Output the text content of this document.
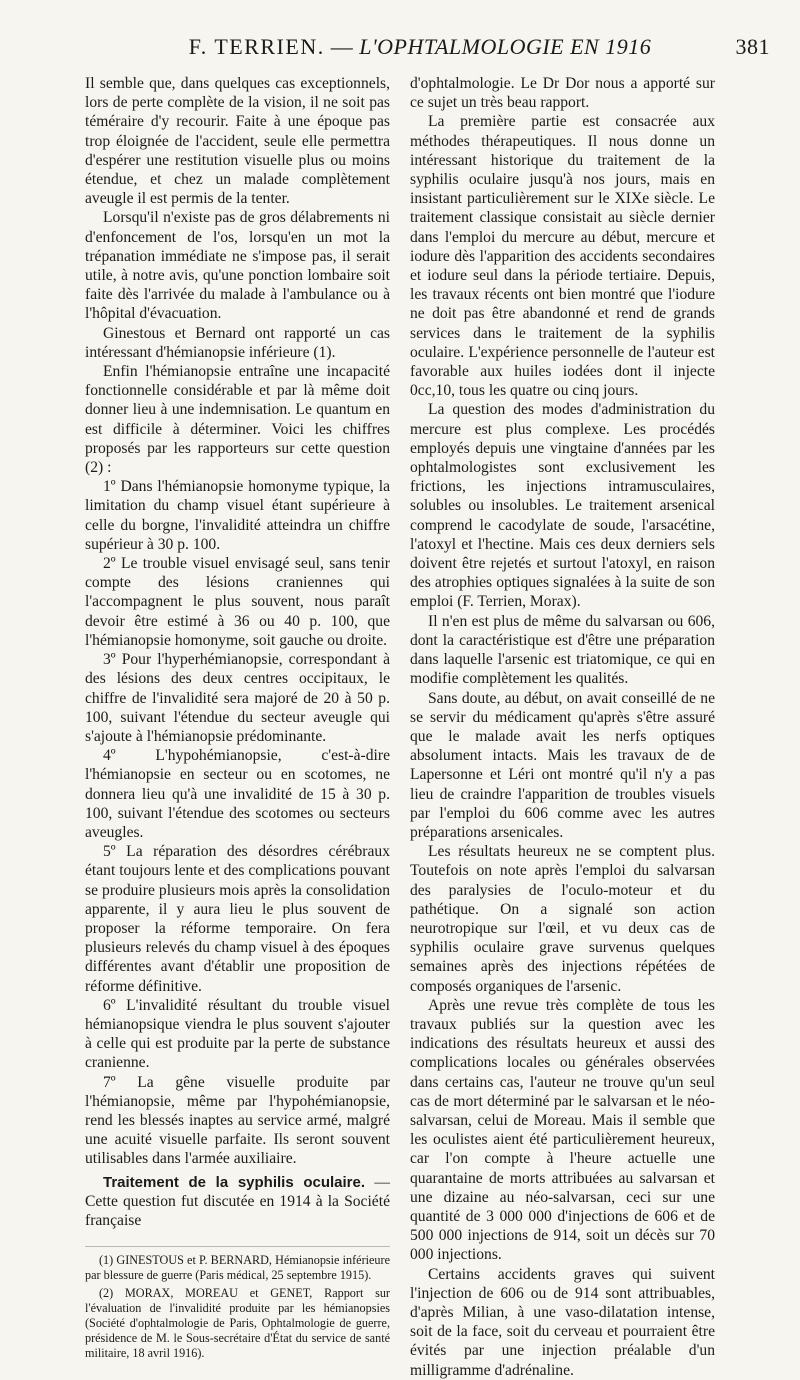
F. TERRIEN. — L'OPHTALMOLOGIE EN 1916	381

Il semble que, dans quelques cas exceptionnels, lors de perte complète de la vision, il ne soit pas téméraire d'y recourir. Faite à une époque pas trop éloignée de l'accident, seule elle permettra d'espérer une restitution visuelle plus ou moins étendue, et chez un malade complètement aveugle il est permis de la tenter.

Lorsqu'il n'existe pas de gros délabrements ni d'enfoncement de l'os, lorsqu'en un mot la trépanation immédiate ne s'impose pas, il serait utile, à notre avis, qu'une ponction lombaire soit faite dès l'arrivée du malade à l'ambulance ou à l'hôpital d'évacuation.

Ginestous et Bernard ont rapporté un cas intéressant d'hémianopsie inférieure (1).

Enfin l'hémianopsie entraîne une incapacité fonctionnelle considérable et par là même doit donner lieu à une indemnisation. Le quantum en est difficile à déterminer. Voici les chiffres proposés par les rapporteurs sur cette question (2) :

1º Dans l'hémianopsie homonyme typique, la limitation du champ visuel étant supérieure à celle du borgne, l'invalidité atteindra un chiffre supérieur à 30 p. 100.

2º Le trouble visuel envisagé seul, sans tenir compte des lésions craniennes qui l'accompagnent le plus souvent, nous paraît devoir être estimé à 36 ou 40 p. 100, que l'hémianopsie homonyme, soit gauche ou droite.

3º Pour l'hyperhémianopsie, correspondant à des lésions des deux centres occipitaux, le chiffre de l'invalidité sera majoré de 20 à 50 p. 100, suivant l'étendue du secteur aveugle qui s'ajoute à l'hémianopsie prédominante.

4º L'hypohémianopsie, c'est-à-dire l'hémianopsie en secteur ou en scotomes, ne donnera lieu qu'à une invalidité de 15 à 30 p. 100, suivant l'étendue des scotomes ou secteurs aveugles.

5º La réparation des désordres cérébraux étant toujours lente et des complications pouvant se produire plusieurs mois après la consolidation apparente, il y aura lieu le plus souvent de proposer la réforme temporaire. On fera plusieurs relevés du champ visuel à des époques différentes avant d'établir une proposition de réforme définitive.

6º L'invalidité résultant du trouble visuel hémianopsique viendra le plus souvent s'ajouter à celle qui est produite par la perte de substance cranienne.

7º La gêne visuelle produite par l'hémianopsie, même par l'hypohémianopsie, rend les blessés inaptes au service armé, malgré une acuité visuelle parfaite. Ils seront souvent utilisables dans l'armée auxiliaire.

Traitement de la syphilis oculaire. — Cette question fut discutée en 1914 à la Société française

(1) GINESTOUS et P. BERNARD, Hémianopsie inférieure par blessure de guerre (Paris médical, 25 septembre 1915).

(2) MORAX, MOREAU et GENET, Rapport sur l'évaluation de l'invalidité produite par les hémianopsies (Société d'ophtalmologie de Paris, Ophtalmologie de guerre, présidence de M. le Sous-secrétaire d'État du service de santé militaire, 18 avril 1916).

d'ophtalmologie. Le Dr Dor nous a apporté sur ce sujet un très beau rapport.

La première partie est consacrée aux méthodes thérapeutiques. Il nous donne un intéressant historique du traitement de la syphilis oculaire jusqu'à nos jours, mais en insistant particulièrement sur le XIXe siècle. Le traitement classique consistait au siècle dernier dans l'emploi du mercure au début, mercure et iodure dès l'apparition des accidents secondaires et iodure seul dans la période tertiaire. Depuis, les travaux récents ont bien montré que l'iodure ne doit pas être abandonné et rend de grands services dans le traitement de la syphilis oculaire. L'expérience personnelle de l'auteur est favorable aux huiles iodées dont il injecte 0cc,10, tous les quatre ou cinq jours.

La question des modes d'administration du mercure est plus complexe. Les procédés employés depuis une vingtaine d'années par les ophtalmologistes sont exclusivement les frictions, les injections intramusculaires, solubles ou insolubles. Le traitement arsenical comprend le cacodylate de soude, l'arsacétine, l'atoxyl et l'hectine. Mais ces deux derniers sels doivent être rejetés et surtout l'atoxyl, en raison des atrophies optiques signalées à la suite de son emploi (F. Terrien, Morax).

Il n'en est plus de même du salvarsan ou 606, dont la caractéristique est d'être une préparation dans laquelle l'arsenic est triatomique, ce qui en modifie complètement les qualités.

Sans doute, au début, on avait conseillé de ne se servir du médicament qu'après s'être assuré que le malade avait les nerfs optiques absolument intacts. Mais les travaux de de Lapersonne et Léri ont montré qu'il n'y a pas lieu de craindre l'apparition de troubles visuels par l'emploi du 606 comme avec les autres préparations arsenicales.

Les résultats heureux ne se comptent plus. Toutefois on note après l'emploi du salvarsan des paralysies de l'oculo-moteur et du pathétique. On a signalé son action neurotropique sur l'œil, et vu deux cas de syphilis oculaire grave survenus quelques semaines après des injections répétées de composés organiques de l'arsenic.

Après une revue très complète de tous les travaux publiés sur la question avec les indications des résultats heureux et aussi des complications locales ou générales observées dans certains cas, l'auteur ne trouve qu'un seul cas de mort déterminé par le salvarsan et le néo-salvarsan, celui de Moreau. Mais il semble que les oculistes aient été particulièrement heureux, car l'on compte à l'heure actuelle une quarantaine de morts attribuées au salvarsan et une dizaine au néo-salvarsan, ceci sur une quantité de 3 000 000 d'injections de 606 et de 500 000 injections de 914, soit un décès sur 70 000 injections.

Certains accidents graves qui suivent l'injection de 606 ou de 914 sont attribuables, d'après Milian, à une vaso-dilatation intense, soit de la face, soit du cerveau et pourraient être évités par une injection préalable d'un milligramme d'adrénaline.
